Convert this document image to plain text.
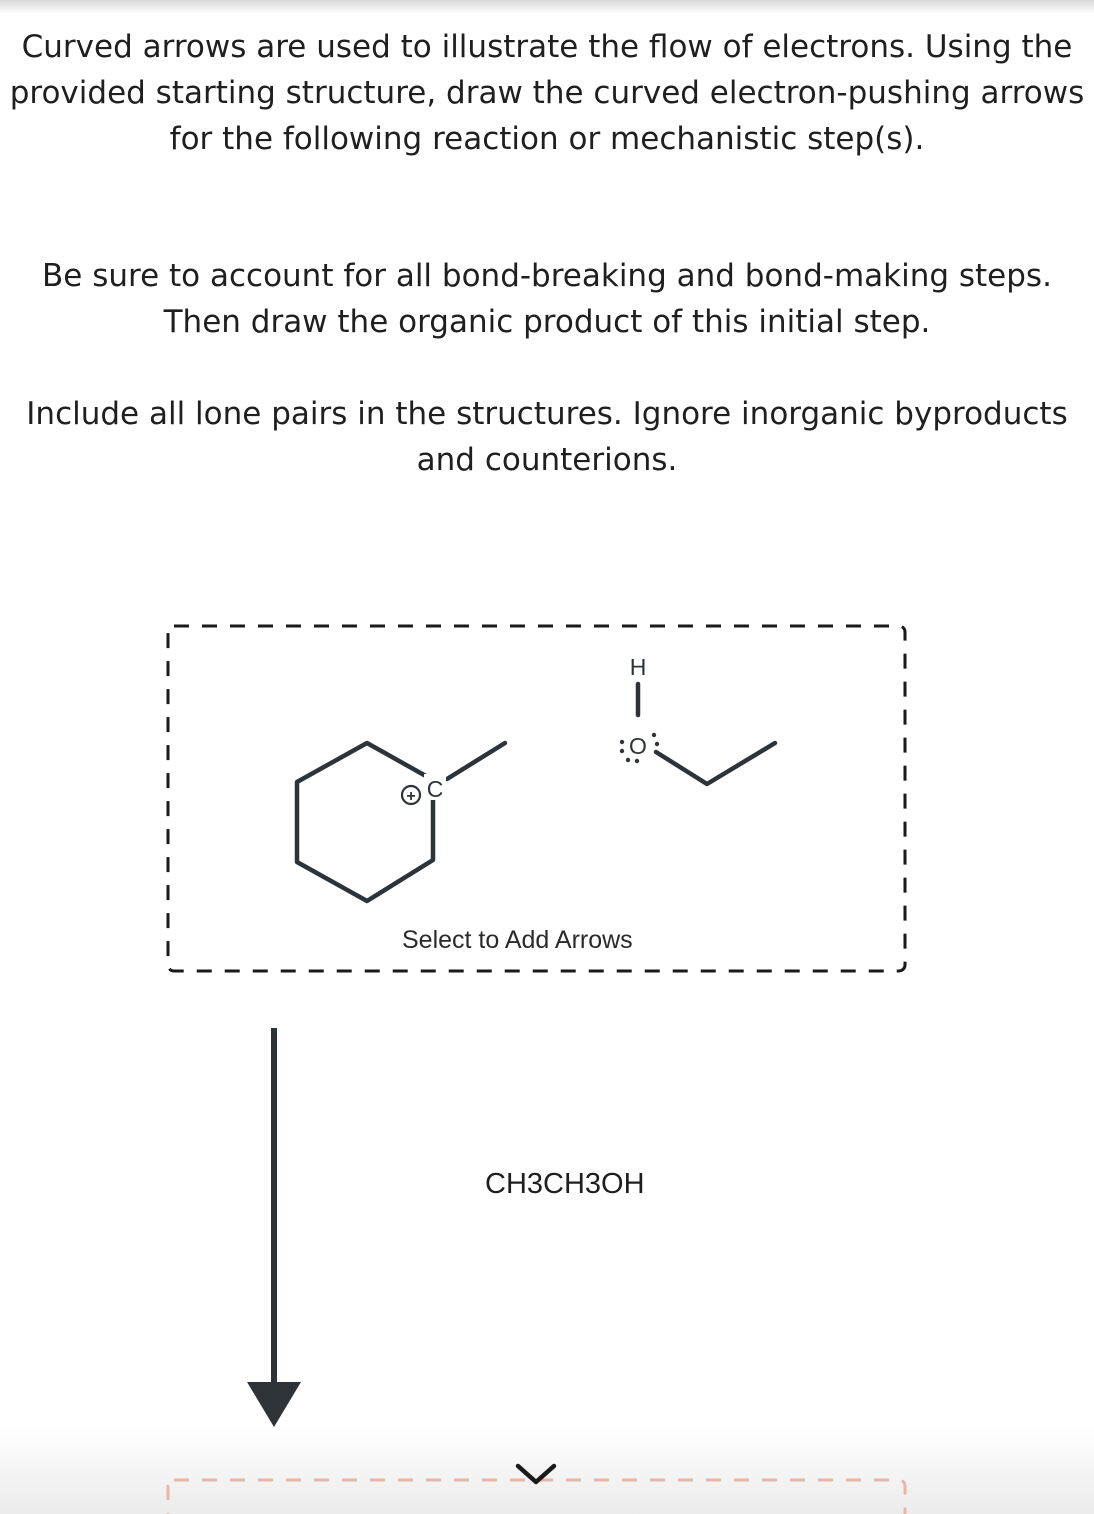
Curved arrows are used to illustrate the flow of electrons. Using the provided starting structure, draw the curved electron-pushing arrows for the following reaction or mechanistic step(s).

Be sure to account for all bond-breaking and bond-making steps. Then draw the organic product of this initial step.

Include all lone pairs in the structures. Ignore inorganic byproducts and counterions.

C
+
H
O
Select to Add Arrows
CH3CH3OH
